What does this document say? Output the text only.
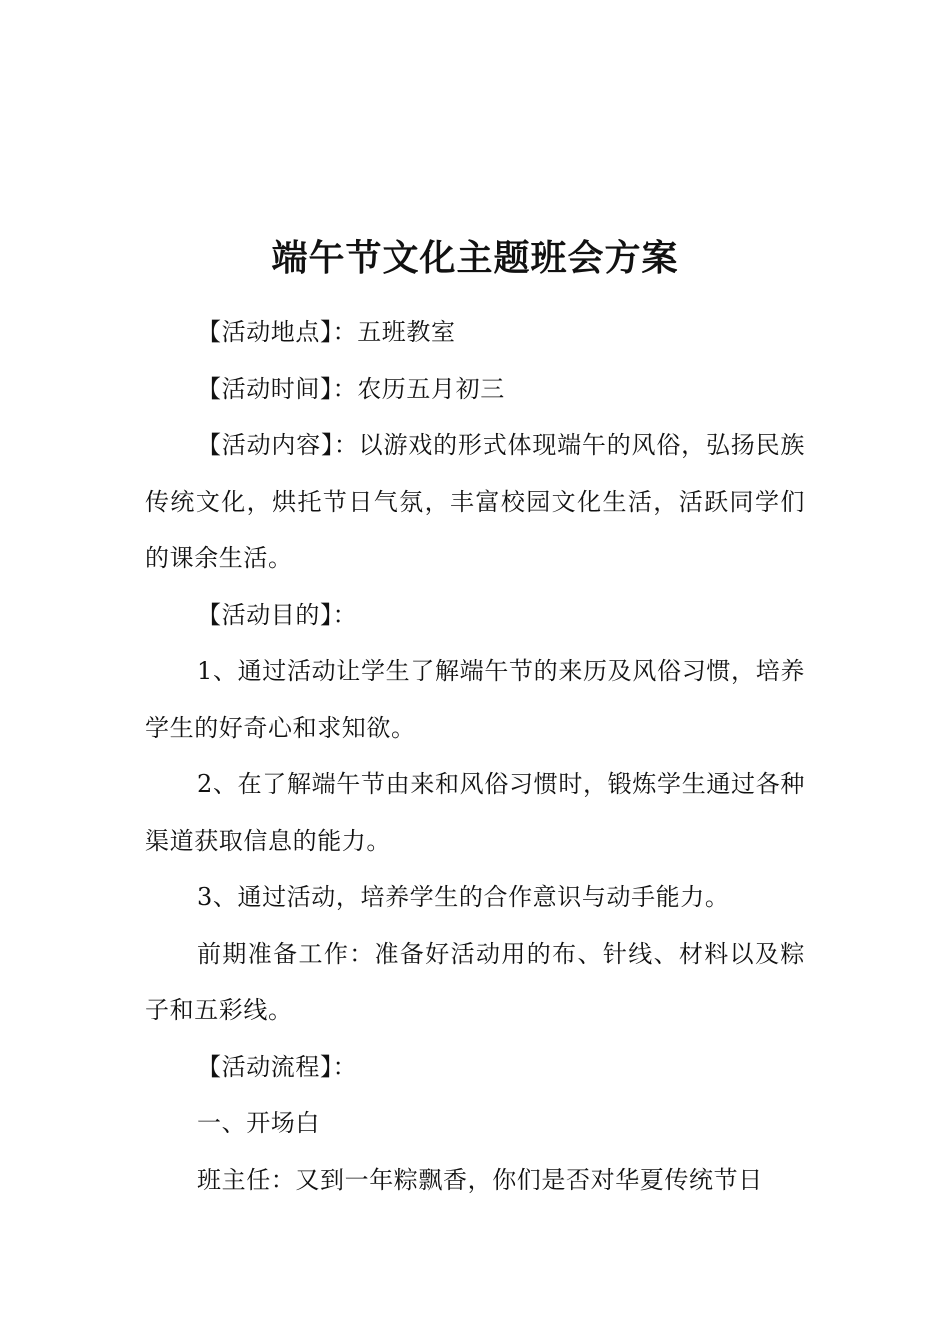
端午节文化主题班会方案

【活动地点】：五班教室

【活动时间】：农历五月初三

【活动内容】：以游戏的形式体现端午的风俗，弘扬民族传统文化，烘托节日气氛，丰富校园文化生活，活跃同学们的课余生活。

【活动目的】：

1、通过活动让学生了解端午节的来历及风俗习惯，培养学生的好奇心和求知欲。

2、在了解端午节由来和风俗习惯时，锻炼学生通过各种渠道获取信息的能力。

3、通过活动，培养学生的合作意识与动手能力。

前期准备工作：准备好活动用的布、针线、材料以及粽子和五彩线。

【活动流程】：

一、开场白

班主任：又到一年粽飘香，你们是否对华夏传统节日
